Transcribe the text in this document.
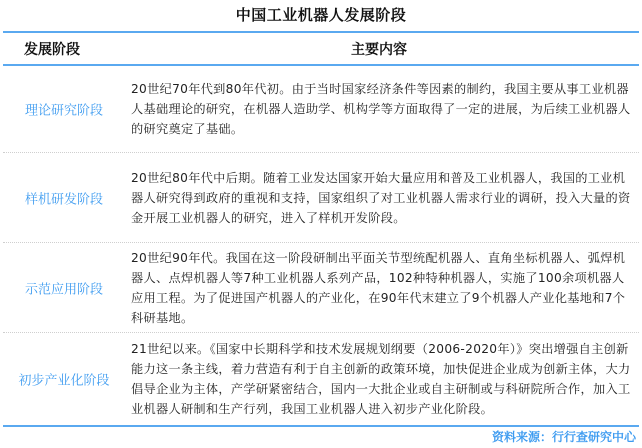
中国工业机器人发展阶段
发展阶段	主要内容
理论研究阶段
20世纪70年代到80年代初。由于当时国家经济条件等因素的制约，我国主要从事工业机器人基础理论的研究，在机器人造助学、机构学等方面取得了一定的进展，为后续工业机器人的研究奠定了基础。
样机研发阶段
20世纪80年代中后期。随着工业发达国家开始大量应用和普及工业机器人，我国的工业机器人研究得到政府的重视和支持，国家组织了对工业机器人需求行业的调研，投入大量的资金开展工业机器人的研究，进入了样机开发阶段。
示范应用阶段
20世纪90年代。我国在这一阶段研制出平面关节型统配机器人、直角坐标机器人、弧焊机器人、点焊机器人等7种工业机器人系列产品，102种特种机器人，实施了100余项机器人应用工程。为了促进国产机器人的产业化，在90年代末建立了9个机器人产业化基地和7个科研基地。
初步产业化阶段
21世纪以来。《国家中长期科学和技术发展规划纲要（2006-2020年）》突出增强自主创新能力这一条主线，着力营造有利于自主创新的政策环境，加快促进企业成为创新主体，大力倡导企业为主体，产学研紧密结合，国内一大批企业或自主研制或与科研院所合作，加入工业机器人研制和生产行列，我国工业机器人进入初步产业化阶段。
资料来源：行行查研究中心
